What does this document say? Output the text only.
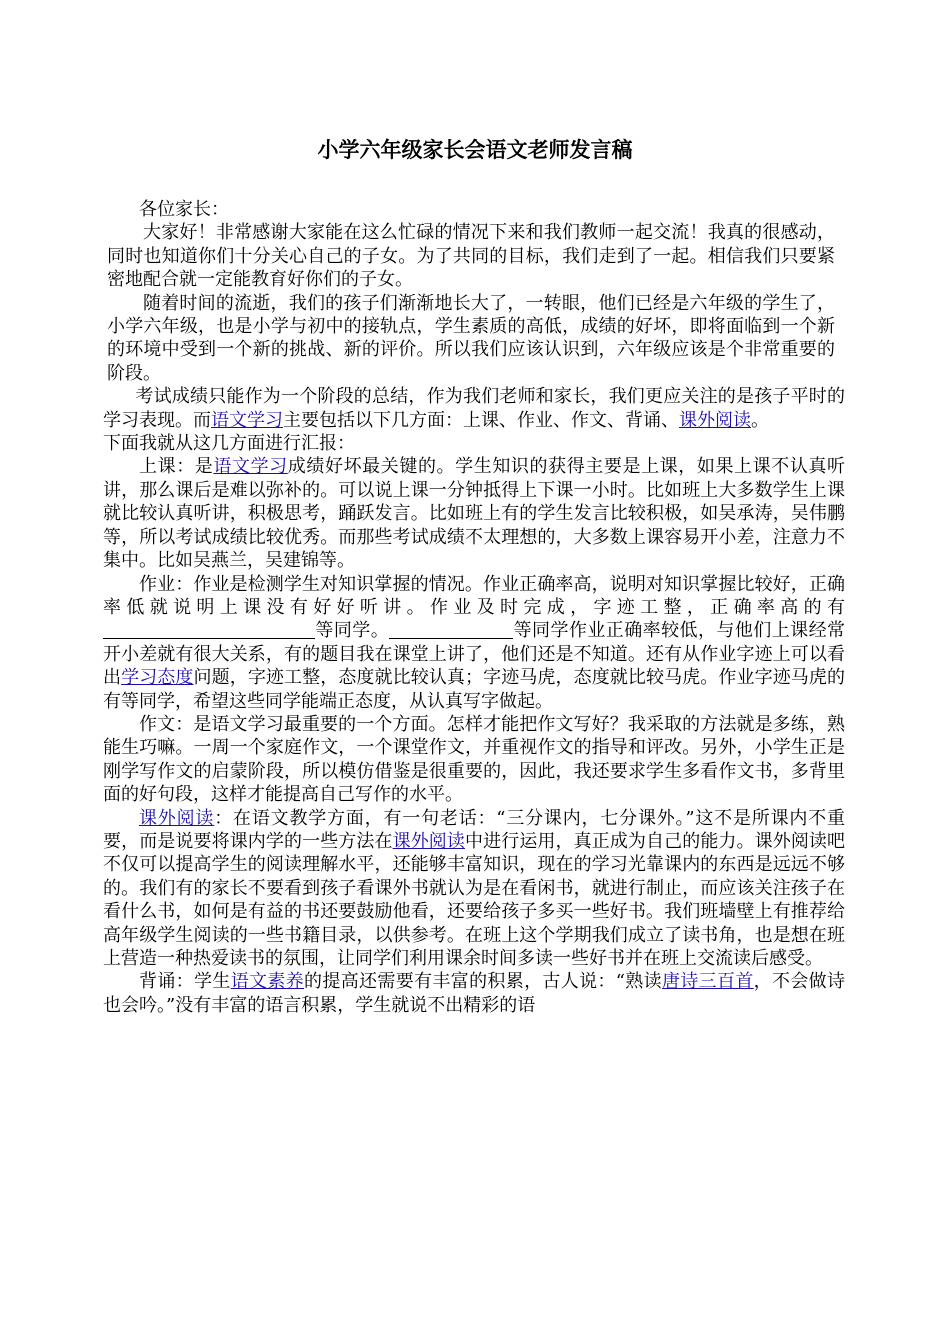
小学六年级家长会语文老师发言稿

各位家长：

大家好！非常感谢大家能在这么忙碌的情况下来和我们教师一起交流！我真的很感动，同时也知道你们十分关心自己的子女。为了共同的目标，我们走到了一起。相信我们只要紧密地配合就一定能教育好你们的子女。

随着时间的流逝，我们的孩子们渐渐地长大了，一转眼，他们已经是六年级的学生了，小学六年级，也是小学与初中的接轨点，学生素质的高低，成绩的好坏，即将面临到一个新的环境中受到一个新的挑战、新的评价。所以我们应该认识到，六年级应该是个非常重要的阶段。

考试成绩只能作为一个阶段的总结，作为我们老师和家长，我们更应关注的是孩子平时的学习表现。而语文学习主要包括以下几方面：上课、作业、作文、背诵、课外阅读。

下面我就从这几方面进行汇报：

上课：是语文学习成绩好坏最关键的。学生知识的获得主要是上课，如果上课不认真听讲，那么课后是难以弥补的。可以说上课一分钟抵得上下课一小时。比如班上大多数学生上课就比较认真听讲，积极思考，踊跃发言。比如班上有的学生发言比较积极，如吴承涛，吴伟鹏等，所以考试成绩比较优秀。而那些考试成绩不太理想的，大多数上课容易开小差，注意力不集中。比如吴燕兰，吴建锦等。

作业：作业是检测学生对知识掌握的情况。作业正确率高，说明对知识掌握比较好，正确率低就说明上课没有好好听讲。作业及时完成，字迹工整，正确率高的有等同学。	等同学作业正确率较低，与他们上课经常开小差就有很大关系，有的题目我在课堂上讲了，他们还是不知道。还有从作业字迹上可以看出学习态度问题，字迹工整，态度就比较认真；字迹马虎，态度就比较马虎。作业字迹马虎的有等同学，希望这些同学能端正态度，从认真写字做起。

作文：是语文学习最重要的一个方面。怎样才能把作文写好？我采取的方法就是多练，熟能生巧嘛。一周一个家庭作文，一个课堂作文，并重视作文的指导和评改。另外，小学生正是刚学写作文的启蒙阶段，所以模仿借鉴是很重要的，因此，我还要求学生多看作文书，多背里面的好句段，这样才能提高自己写作的水平。

课外阅读：在语文教学方面，有一句老话：“三分课内，七分课外。”这不是所课内不重要，而是说要将课内学的一些方法在课外阅读中进行运用，真正成为自己的能力。课外阅读吧不仅可以提高学生的阅读理解水平，还能够丰富知识，现在的学习光靠课内的东西是远远不够的。我们有的家长不要看到孩子看课外书就认为是在看闲书，就进行制止，而应该关注孩子在看什么书，如何是有益的书还要鼓励他看，还要给孩子多买一些好书。我们班墙壁上有推荐给高年级学生阅读的一些书籍目录，以供参考。在班上这个学期我们成立了读书角，也是想在班上营造一种热爱读书的氛围，让同学们利用课余时间多读一些好书并在班上交流读后感受。

背诵：学生语文素养的提高还需要有丰富的积累，古人说：“熟读唐诗三百首，不会做诗也会吟。”没有丰富的语言积累，学生就说不出精彩的语
